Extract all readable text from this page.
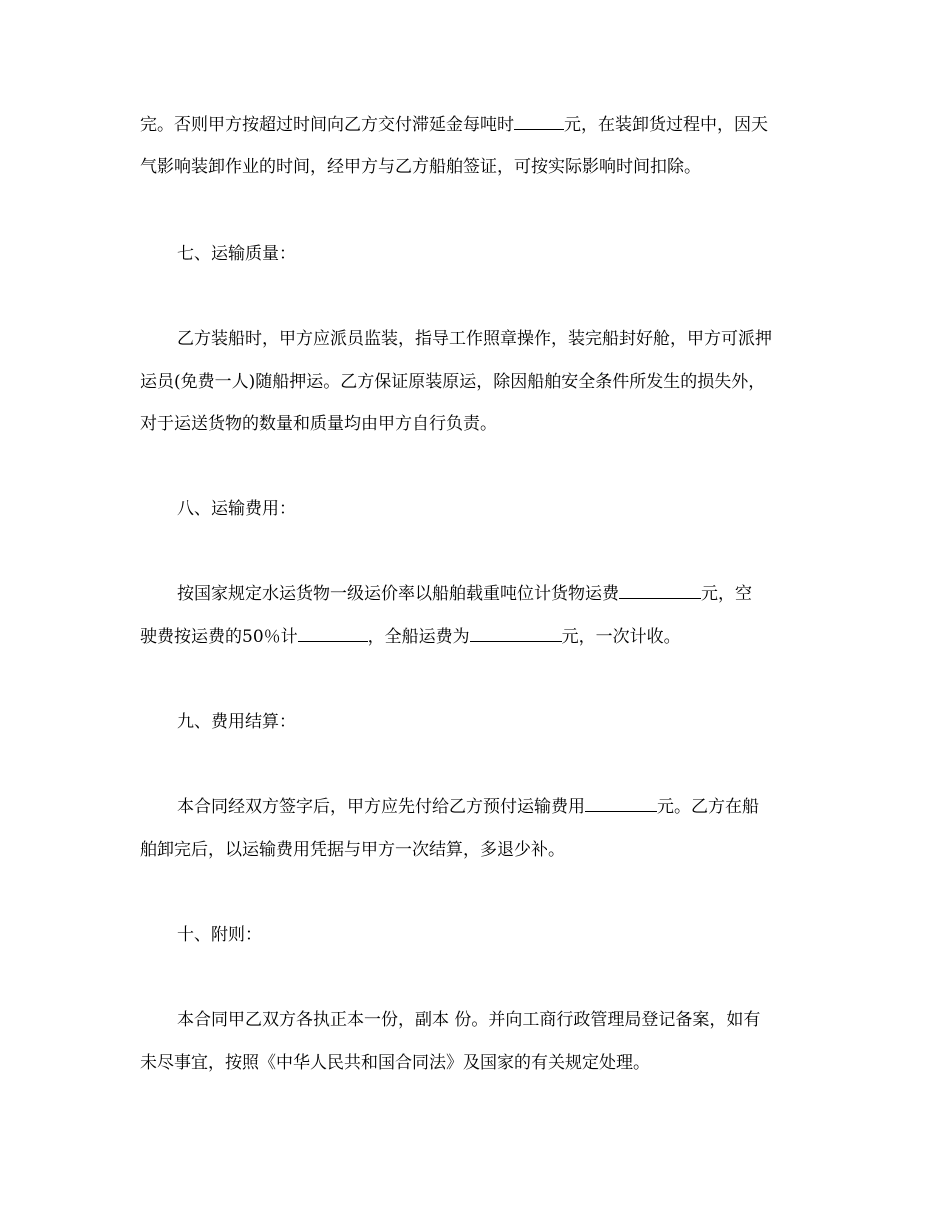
完。否则甲方按超过时间向乙方交付滞延金每吨时	元，在装卸货过程中，因天
气影响装卸作业的时间，经甲方与乙方船舶签证，可按实际影响时间扣除。
七、运输质量：
乙方装船时，甲方应派员监装，指导工作照章操作，装完船封好舱，甲方可派押
运员(免费一人)随船押运。乙方保证原装原运，除因船舶安全条件所发生的损失外，
对于运送货物的数量和质量均由甲方自行负责。
八、运输费用：
按国家规定水运货物一级运价率以船舶载重吨位计货物运费	元，空
驶费按运费的50％计	，全船运费为	元，一次计收。
九、费用结算：
本合同经双方签字后，甲方应先付给乙方预付运输费用	元。乙方在船
舶卸完后，以运输费用凭据与甲方一次结算，多退少补。
十、附则：
本合同甲乙双方各执正本一份，副本 份。并向工商行政管理局登记备案，如有
未尽事宜，按照《中华人民共和国合同法》及国家的有关规定处理。
